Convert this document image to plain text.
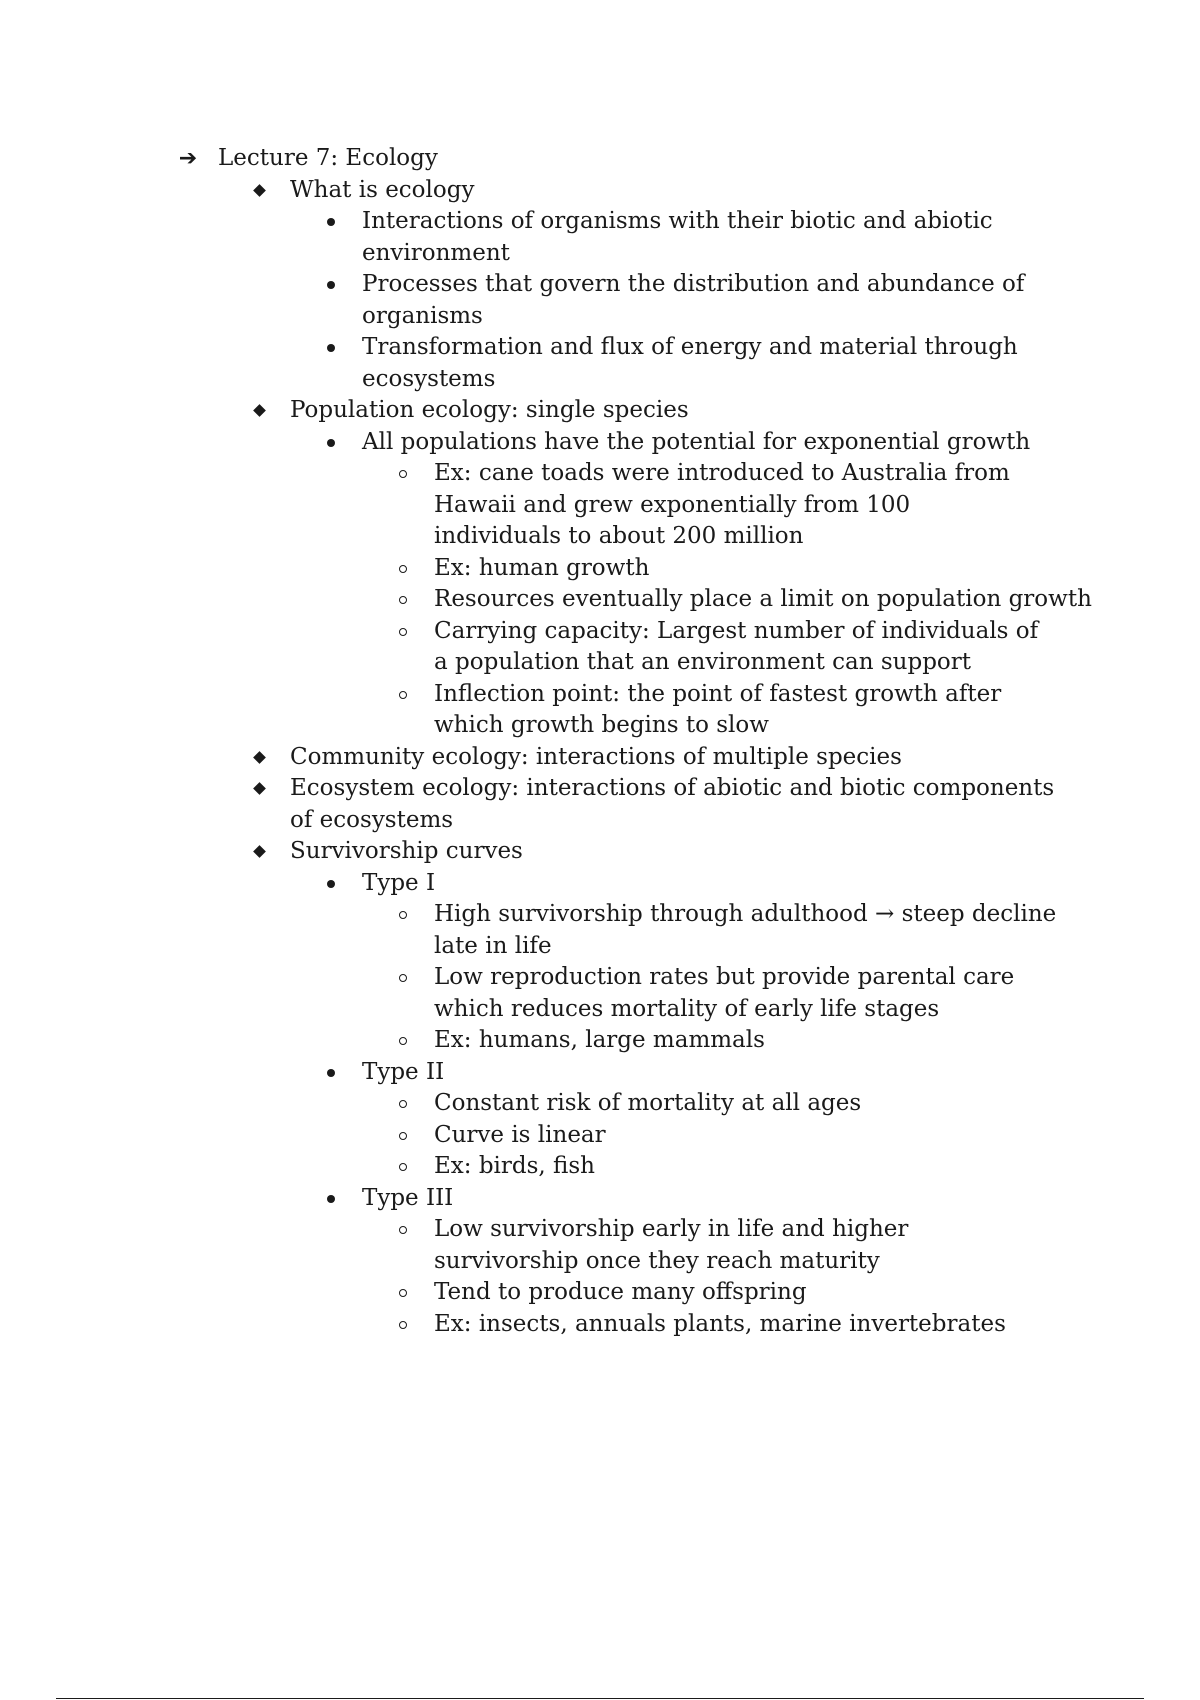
➔ Lecture 7: Ecology
What is ecology
Interactions of organisms with their biotic and abiotic environment
Processes that govern the distribution and abundance of organisms
Transformation and flux of energy and material through ecosystems
Population ecology: single species
All populations have the potential for exponential growth
Ex: cane toads were introduced to Australia from Hawaii and grew exponentially from 100 individuals to about 200 million
Ex: human growth
Resources eventually place a limit on population growth
Carrying capacity: Largest number of individuals of a population that an environment can support
Inflection point: the point of fastest growth after which growth begins to slow
Community ecology: interactions of multiple species
Ecosystem ecology: interactions of abiotic and biotic components of ecosystems
Survivorship curves
Type I
High survivorship through adulthood → steep decline late in life
Low reproduction rates but provide parental care which reduces mortality of early life stages
Ex: humans, large mammals
Type II
Constant risk of mortality at all ages
Curve is linear
Ex: birds, fish
Type III
Low survivorship early in life and higher survivorship once they reach maturity
Tend to produce many offspring
Ex: insects, annuals plants, marine invertebrates
